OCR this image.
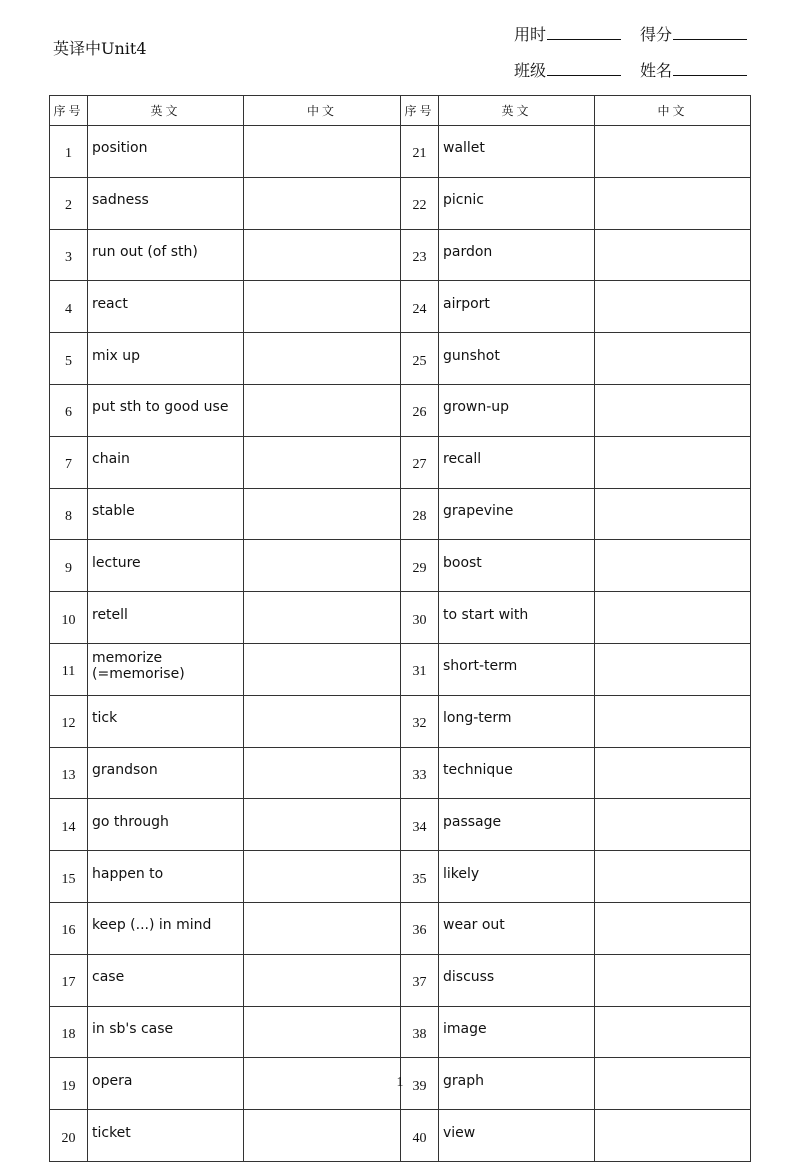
英译中Unit4
用时	得分
班级	姓名
序号	英文	中文	序号	英文	中文
1	position		21	wallet	
2	sadness		22	picnic	
3	run out (of sth)		23	pardon	
4	react		24	airport	
5	mix up		25	gunshot	
6	put sth to good use		26	grown-up	
7	chain		27	recall	
8	stable		28	grapevine	
9	lecture		29	boost	
10	retell		30	to start with	
11	memorize (=memorise)		31	short-term	
12	tick		32	long-term	
13	grandson		33	technique	
14	go through		34	passage	
15	happen to		35	likely	
16	keep (...) in mind		36	wear out	
17	case		37	discuss	
18	in sb's case		38	image	
19	opera		39	graph	
20	ticket		40	view	
1
